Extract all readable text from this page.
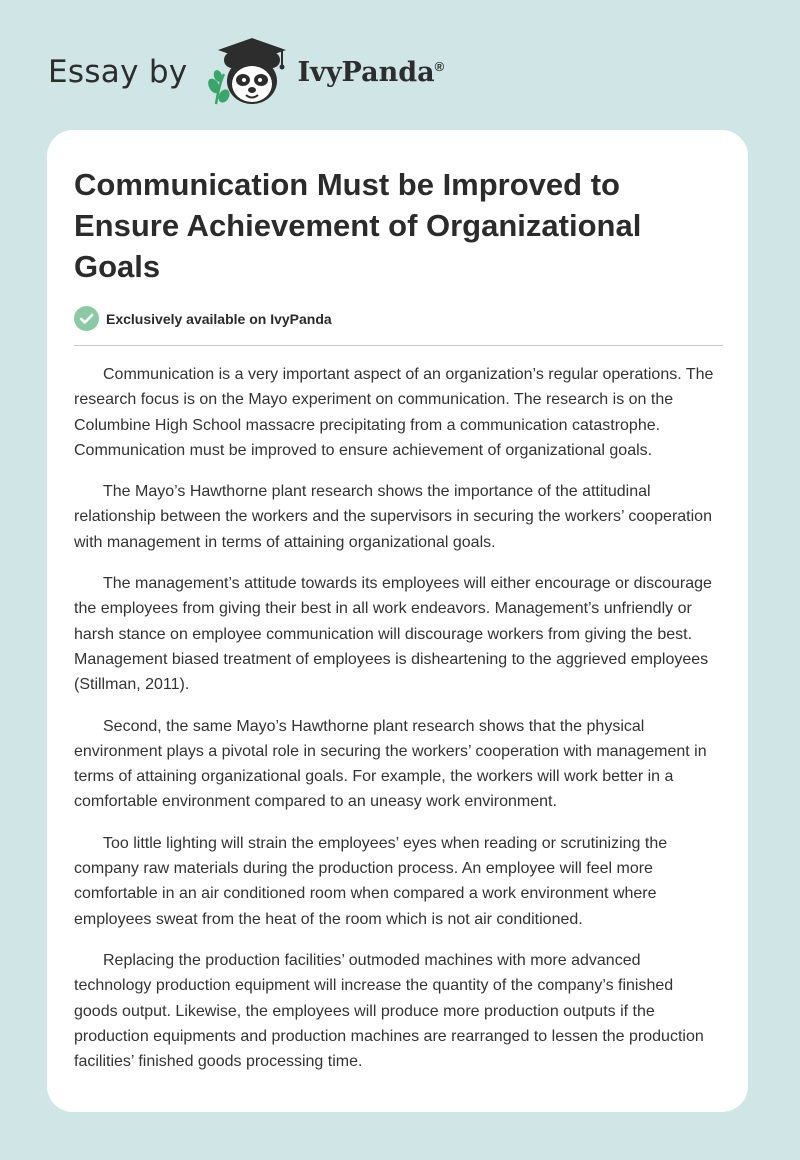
Essay by	IvyPanda®
Communication Must be Improved to Ensure Achievement of Organizational Goals
Exclusively available on IvyPanda

Communication is a very important aspect of an organization’s regular operations. The research focus is on the Mayo experiment on communication. The research is on the Columbine High School massacre precipitating from a communication catastrophe. Communication must be improved to ensure achievement of organizational goals.

The Mayo’s Hawthorne plant research shows the importance of the attitudinal relationship between the workers and the supervisors in securing the workers’ cooperation with management in terms of attaining organizational goals.

The management’s attitude towards its employees will either encourage or discourage the employees from giving their best in all work endeavors. Management’s unfriendly or harsh stance on employee communication will discourage workers from giving the best. Management biased treatment of employees is disheartening to the aggrieved employees (Stillman, 2011).

Second, the same Mayo’s Hawthorne plant research shows that the physical environment plays a pivotal role in securing the workers’ cooperation with management in terms of attaining organizational goals. For example, the workers will work better in a comfortable environment compared to an uneasy work environment.

Too little lighting will strain the employees’ eyes when reading or scrutinizing the company raw materials during the production process. An employee will feel more comfortable in an air conditioned room when compared a work environment where employees sweat from the heat of the room which is not air conditioned.

Replacing the production facilities’ outmoded machines with more advanced technology production equipment will increase the quantity of the company’s finished goods output. Likewise, the employees will produce more production outputs if the production equipments and production machines are rearranged to lessen the production facilities’ finished goods processing time.
